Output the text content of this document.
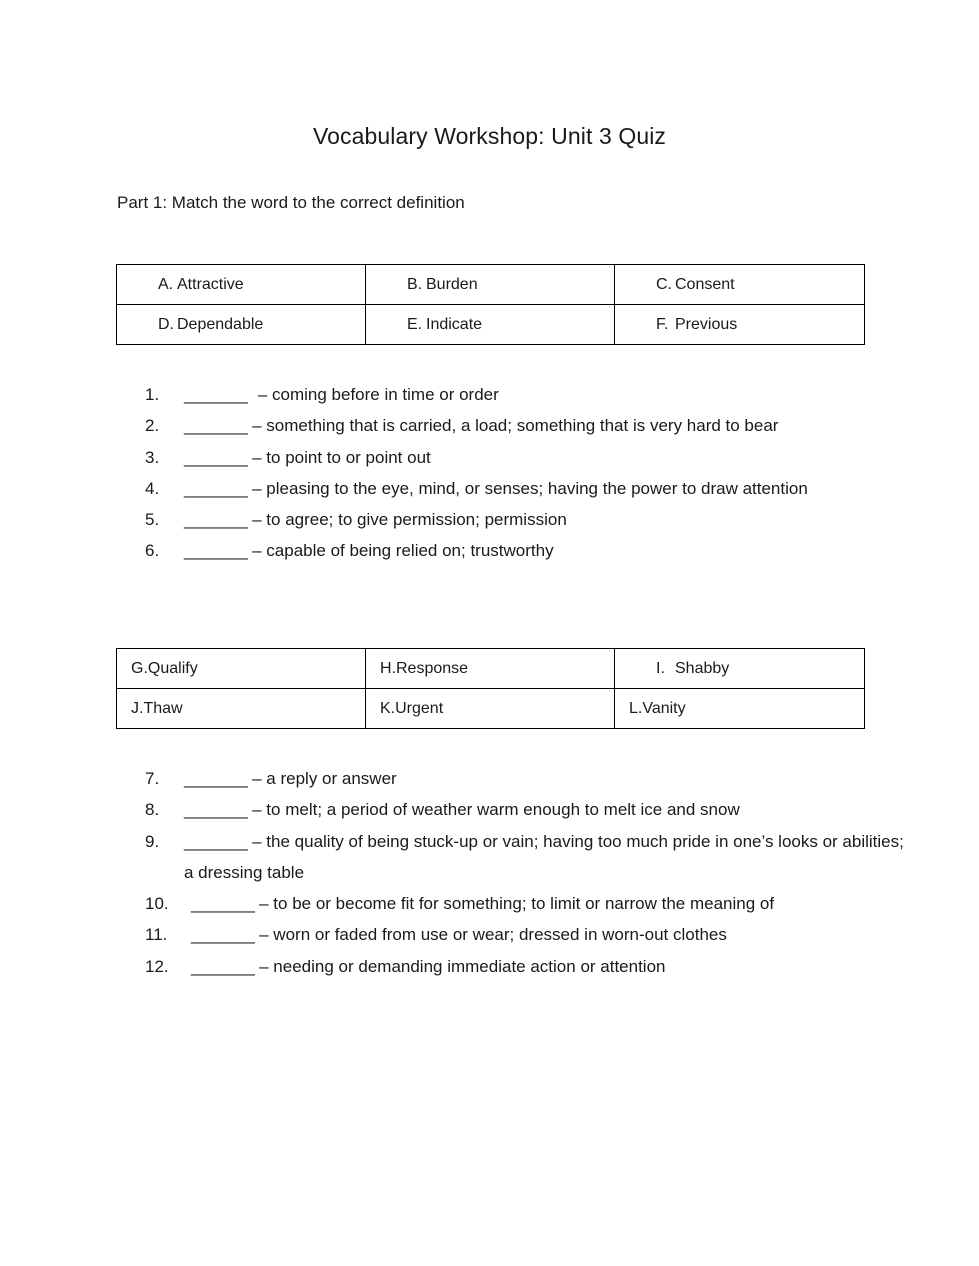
Vocabulary Workshop: Unit 3 Quiz
Part 1: Match the word to the correct definition
A. Attractive	B. Burden	C. Consent
D. Dependable	E. Indicate	F. Previous
1.	_______ – coming before in time or order
2.	_______ – something that is carried, a load; something that is very hard to bear
3.	_______ – to point to or point out
4.	_______ – pleasing to the eye, mind, or senses; having the power to draw attention
5.	_______ – to agree; to give permission; permission
6.	_______ – capable of being relied on; trustworthy
G.Qualify	H.Response	I. Shabby
J.Thaw	K.Urgent	L.Vanity
7.	_______ – a reply or answer
8.	_______ – to melt; a period of weather warm enough to melt ice and snow
9.	_______ – the quality of being stuck-up or vain; having too much pride in one’s looks or abilities; a dressing table
10.	_______ – to be or become fit for something; to limit or narrow the meaning of
11.	_______ – worn or faded from use or wear; dressed in worn-out clothes
12.	_______ – needing or demanding immediate action or attention
